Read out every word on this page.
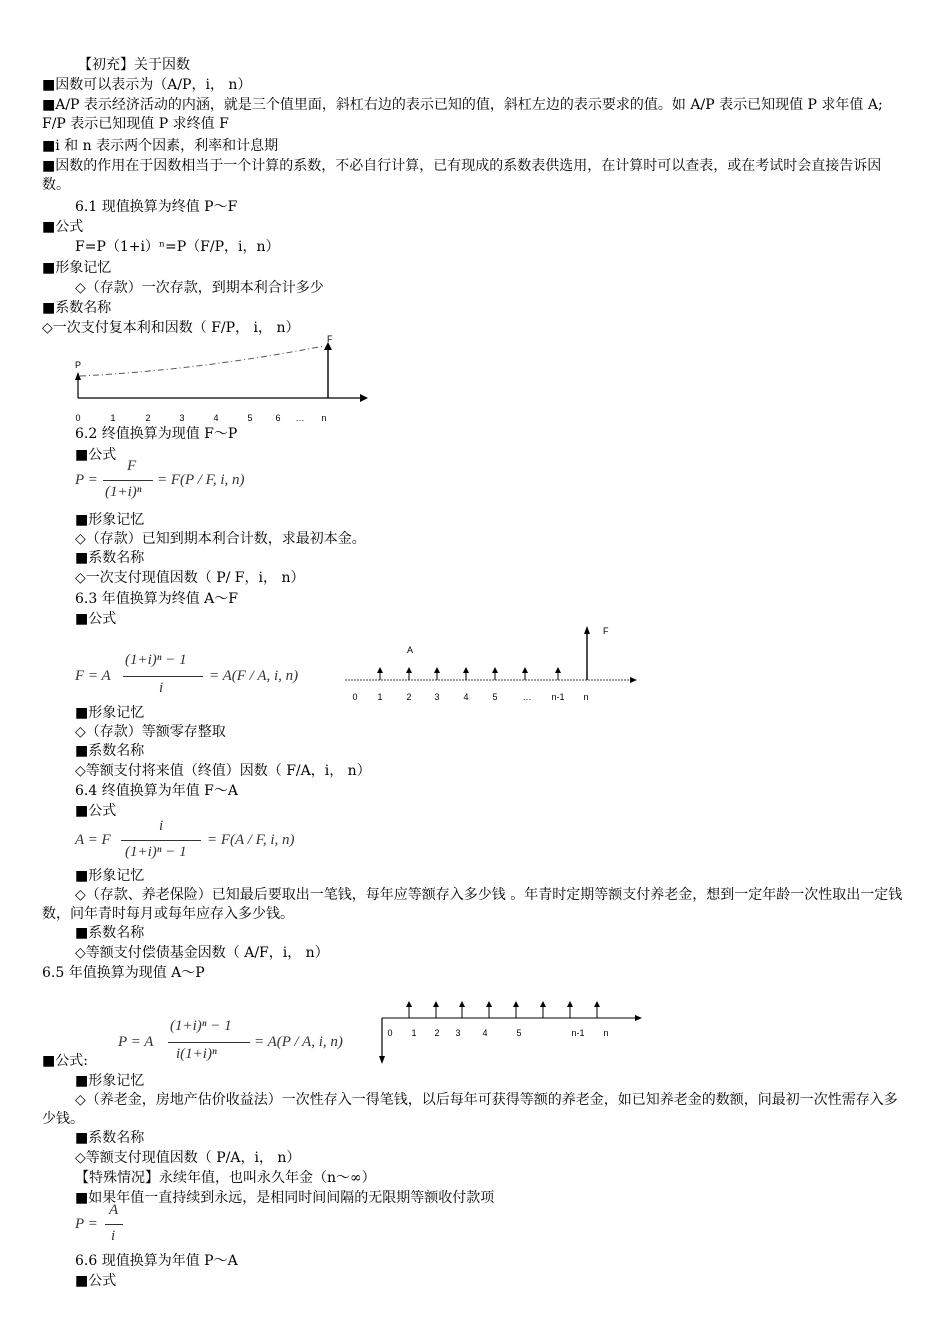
【初充】关于因数
■因数可以表示为（A/P，i， n）
■A/P 表示经济活动的内涵，就是三个值里面，斜杠右边的表示已知的值，斜杠左边的表示要求的值。如 A/P 表示已知现值 P 求年值 A; F/P 表示已知现值 P 求终值 F
■i 和 n 表示两个因素，利率和计息期
■因数的作用在于因数相当于一个计算的系数，不必自行计算，已有现成的系数表供选用，在计算时可以查表，或在考试时会直接告诉因数。
6.1 现值换算为终值 P～F
■公式
F=P（1+i）ⁿ=P（F/P，i，n）
■形象记忆
◇（存款）一次存款，到期本利合计多少
■系数名称
◇一次支付复本利和因数（ F/P， i， n）
P
F
0	1	2	3	4	5	6 … n
6.2 终值换算为现值 F～P
■公式
P =
F
(1+i)ⁿ
= F(P / F, i, n)
■形象记忆
◇（存款）已知到期本利合计数，求最初本金。
■系数名称
◇一次支付现值因数（ P/ F，i， n）
6.3 年值换算为终值 A～F
■公式
F = A
(1+i)ⁿ − 1
i
= A(F / A, i, n)
F
A
0 1	2	3	4	5	… n-1 n
■形象记忆
◇（存款）等额零存整取
■系数名称
◇等额支付将来值（终值）因数（ F/A，i， n）
6.4 终值换算为年值 F～A
■公式
A = F
i
(1+i)ⁿ − 1
= F(A / F, i, n)
■形象记忆
◇（存款、养老保险）已知最后要取出一笔钱，每年应等额存入多少钱 。年青时定期等额支付养老金，想到一定年龄一次性取出一定钱数，问年青时每月或每年应存入多少钱。
■系数名称
◇等额支付偿债基金因数（ A/F，i， n）
6.5 年值换算为现值 A～P
P = A
(1+i)ⁿ − 1
i(1+i)ⁿ
= A(P / A, i, n)
0 1 2 3 4	5	n-1 n
■公式:
■形象记忆
◇（养老金，房地产估价收益法）一次性存入一得笔钱，以后每年可获得等额的养老金，如已知养老金的数额，问最初一次性需存入多少钱。
■系数名称
◇等额支付现值因数（ P/A，i， n）
【特殊情况】永续年值，也叫永久年金（n～∞）
■如果年值一直持续到永远，是相同时间间隔的无限期等额收付款项
P =
A
i
6.6 现值换算为年值 P～A
■公式
